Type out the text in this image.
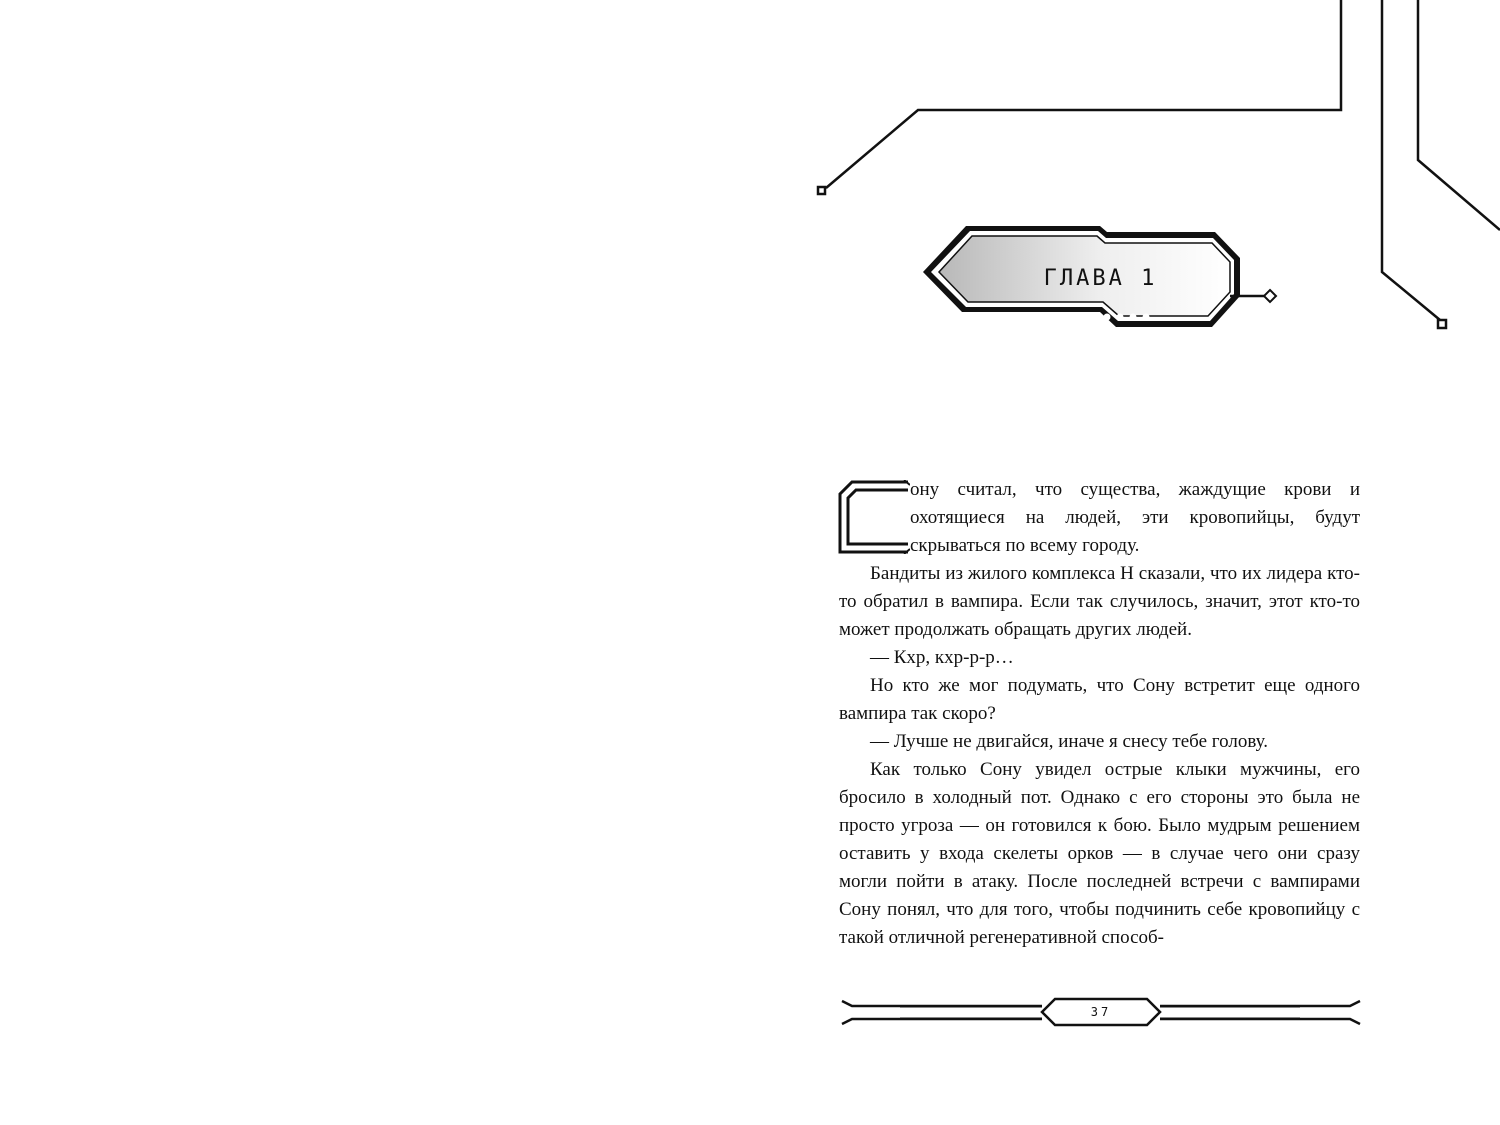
ГЛАВА 1

ону считал, что существа, жаждущие крови и охотящиеся на людей, эти кровопийцы, будут скрываться по всему городу.

Бандиты из жилого комплекса Н сказали, что их лидера кто-то обратил в вампира. Если так случилось, значит, этот кто-то может продолжать обращать других людей.

— Кхр, кхр-р-р…

Но кто же мог подумать, что Сону встретит еще одного вампира так скоро?

— Лучше не двигайся, иначе я снесу тебе голову.

Как только Сону увидел острые клыки мужчины, его бросило в холодный пот. Однако с его стороны это была не просто угроза — он готовился к бою. Было мудрым решением оставить у входа скелеты орков — в случае чего они сразу могли пойти в атаку. После последней встречи с вампирами Сону понял, что для того, чтобы подчинить себе кровопийцу с такой отличной регенеративной способ-

37
